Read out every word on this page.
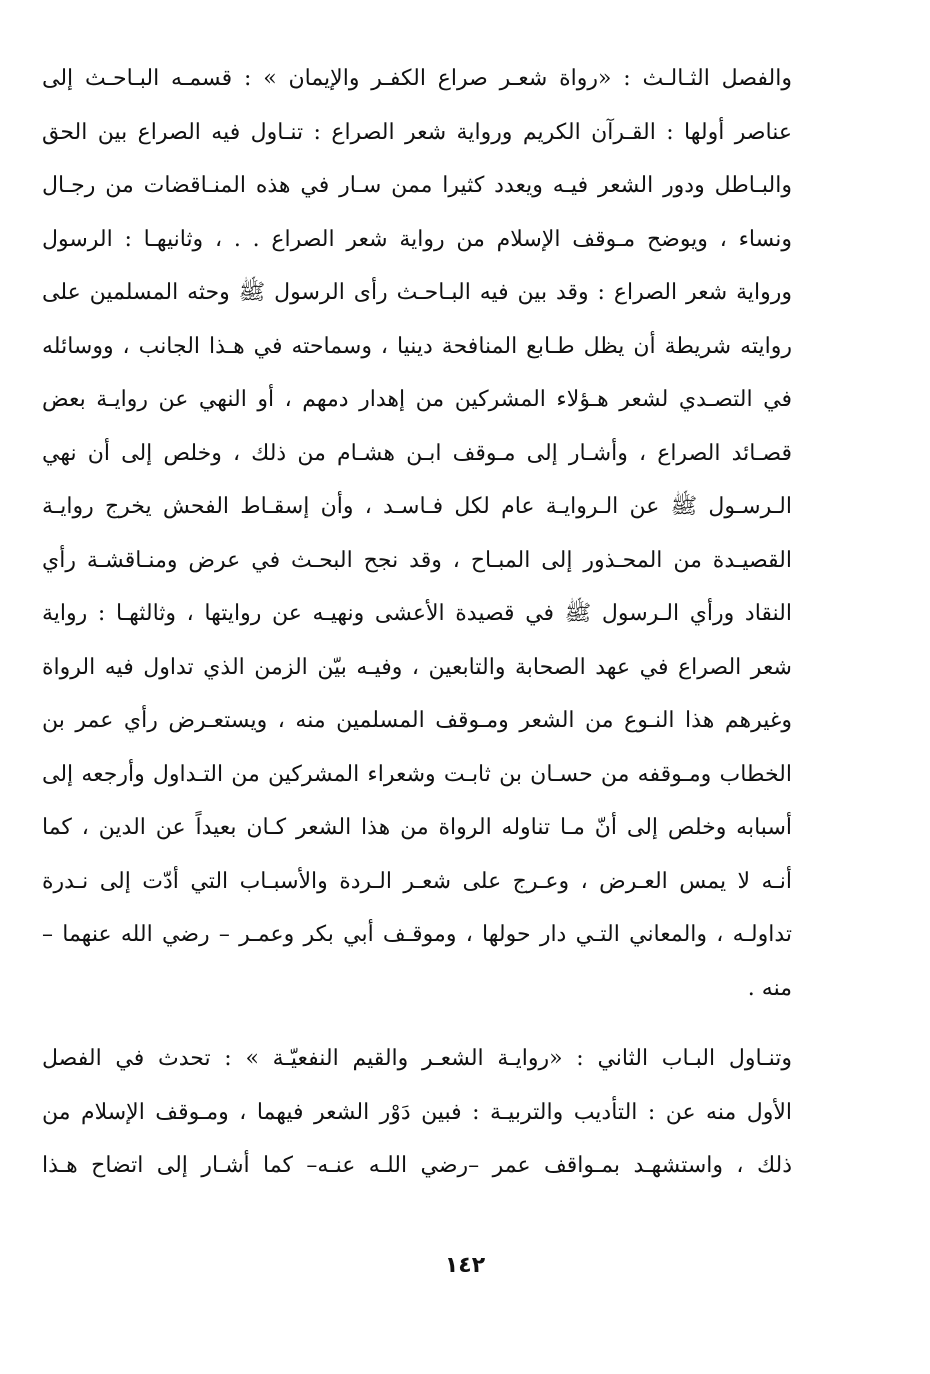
والفصل الثـالـث : «رواة شعـر صراع الكفـر والإيمان » : قسمـه البـاحـث إلى
عناصر أولها : القـرآن الكريم ورواية شعر الصراع : تنـاول فيه الصراع بين الحق
والبـاطل ودور الشعر فيـه ويعدد كثيرا ممن سـار في هذه المنـاقضات من رجـال
ونساء ، ويوضح مـوقف الإسلام من رواية شعر الصراع . . ، وثانيهـا : الرسول
ورواية شعر الصراع : وقد بين فيه البـاحـث رأى الرسول ﷺ وحثه المسلمين على
روايته شريطة أن يظل طـابع المنافحة دينيا ، وسماحته في هـذا الجانب ، ووسائله
في التصـدي لشعر هـؤلاء المشركين من إهدار دمهم ، أو النهي عن روايـة بعض
قصـائد الصراع ، وأشـار إلى مـوقف ابـن هشـام من ذلك ، وخلص إلى أن نهي
الـرسـول ﷺ عن الـروايـة عام لكل فـاسـد ، وأن إسقـاط الفحش يخرج روايـة
القصيـدة من المحـذور إلى المبـاح ، وقد نجح البحـث في عرض ومنـاقشـة رأي
النقاد ورأي الـرسول ﷺ في قصيدة الأعشى ونهيـه عن روايتها ، وثالثهـا : رواية
شعر الصراع في عهد الصحابة والتابعين ، وفيـه بيّن الزمن الذي تداول فيه الرواة
وغيرهم هذا النـوع من الشعر ومـوقف المسلمين منه ، ويستعـرض رأي عمر بن
الخطاب ومـوقفه من حسـان بن ثابـت وشعراء المشركين من التـداول وأرجعه إلى
أسبابه وخلص إلى أنّ مـا تناوله الرواة من هذا الشعر كـان بعيداً عن الدين ، كما
أنـه لا يمس العـرض ، وعـرج على شعـر الـردة والأسبـاب التي أدّت إلى نـدرة
تداولـه ، والمعاني التـي دار حولها ، وموقـف أبي بكر وعمـر – رضي الله عنهما –
منه .
وتنـاول البـاب الثاني : «روايـة الشعـر والقيم النفعيّـة » : تحدث في الفصل
الأول منه عن : التأديب والتربيـة : فبين دَوْر الشعر فيهما ، ومـوقف الإسلام من
ذلك ، واستشهـد بمـواقف عمر –رضي اللـه عنـه– كما أشـار إلى اتضاح هـذا
١٤٢
